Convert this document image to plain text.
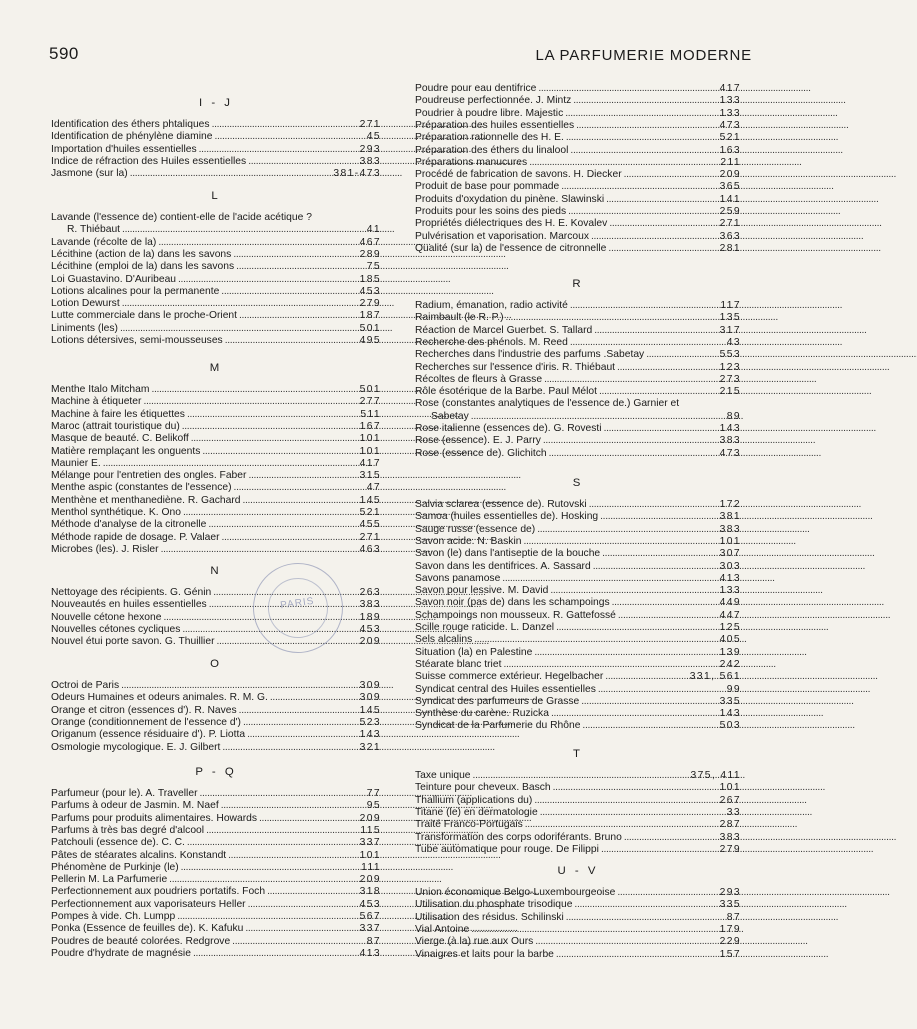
590	LA PARFUMERIE MODERNE
I - J
Identification des éthers phtaliques . . .	271
Identification de phénylène diamine . . .	45
Importation d'huiles essentielles . . .	293
Indice de réfraction des Huiles essentielles . . .	383
Jasmone (sur la) . . .	381-473
L
Lavande (l'essence de) contient-elle de l'acide acétique ?
R. Thiébaut . . .	41
Lavande (récolte de la) . . .	467
Lécithine (action de la) dans les savons . . .	289
Lécithine (emploi de la) dans les savons . . .	75
Loi Guastavino. D'Auribeau . . .	185
Lotions alcalines pour la permanente . . .	453
Lotion Dewurst . . .	279
Lutte commerciale dans le proche-Orient . . .	187
Liniments (les) . . .	501
Lotions détersives, semi-mousseuses . . .	495
M
Menthe Italo Mitcham . . .	501
Machine à étiqueter . . .	277
Machine à faire les étiquettes . . .	511
Maroc (attrait touristique du) . . .	167
Masque de beauté. C. Belikoff . . .	101
Matière remplaçant les onguents . . .	101
Maunier E. . . .	417
Mélange pour l'entretien des ongles. Faber . . .	315
Menthe aspic (constantes de l'essence) . . .	47
Menthène et menthanediène. R. Gachard . . .	145
Menthol synthétique. K. Ono . . .	521
Méthode d'analyse de la citronelle . . .	455
Méthode rapide de dosage. P. Valaer . . .	271
Microbes (les). J. Risler . . .	463
N
Nettoyage des récipients. G. Génin . . .	263
Nouveautés en huiles essentielles . . .	383
Nouvelle cétone hexone . . .	189
Nouvelles cétones cycliques . . .	453
Nouvel étui porte savon. G. Thuillier . . .	209
O
Octroi de Paris . . .	309
Odeurs Humaines et odeurs animales. R. M. G. . . .	309
Orange et citron (essences d'). R. Naves . . .	145
Orange (conditionnement de l'essence d') . . .	523
Origanum (essence résiduaire d'). P. Liotta . . .	143
Osmologie mycologique. E. J. Gilbert . . .	321
P - Q
Parfumeur (pour le). A. Traveller . . .	77
Parfums à odeur de Jasmin. M. Naef . . .	95
Parfums pour produits alimentaires. Howards . . .	209
Parfums à très bas degré d'alcool . . .	115
Patchouli (essence de). C. C. . . .	337
Pâtes de stéarates alcalins. Konstandt . . .	101
Phénomène de Purkinje (le) . . .	111
Pellerin M. La Parfumerie . . .	209
Perfectionnement aux poudriers portatifs. Foch . . .	318
Perfectionnement aux vaporisateurs Heller . . .	453
Pompes à vide. Ch. Lumpp . . .	567
Ponka (Essence de feuilles de). K. Kafuku . . .	337
Poudres de beauté colorées. Redgrove . . .	87
Poudre d'hydrate de magnésie . . .	413
Poudre pour eau dentifrice . . .	417
Poudreuse perfectionnée. J. Mintz . . .	133
Poudrier à poudre libre. Majestic . . .	133
Préparation des huiles essentielles . . .	473
Préparation rationnelle des H. E. . . .	521
Préparation des éthers du linalool . . .	163
Préparations manucures . . .	211
Procédé de fabrication de savons. H. Diecker . . .	209
Produit de base pour pommade . . .	365
Produits d'oxydation du pinène. Slawinski . . .	141
Produits pour les soins des pieds . . .	259
Propriétés diélectriques des H. E. Kovalev . . .	271
Pulvérisation et vaporisation. Marcoux . . .	363
Qualité (sur la) de l'essence de citronnelle . . .	281
R
Radium, émanation, radio activité . . .	117
Raimbault (le R. P.) . . .	135
Réaction de Marcel Guerbet. S. Tallard . . .	317
Recherche des phénols. M. Reed . . .	43
Recherches dans l'industrie des parfums .Sabetay . . .	553
Recherches sur l'essence d'iris. R. Thiébaut . . .	123
Récoltes de fleurs à Grasse . . .	273
Rôle ésotérique de la Barbe. Paul Mélot . . .	215
Rose (constantes analytiques de l'essence de.) Garnier et
Sabetay . . .	89
Rose italienne (essences de). G. Rovesti . . .	143
Rose (essence). E. J. Parry . . .	383
Rose (essence de). Glichitch . . .	473
S
Salvia sclarea (essence de). Rutovski . . .	172
Samoa (huiles essentielles de). Hosking . . .	381
Sauge russe (essence de) . . .	383
Savon acide. N. Baskin . . .	101
Savon (le) dans l'antiseptie de la bouche . . .	307
Savon dans les dentifrices. A. Sassard . . .	303
Savons panamose . . .	413
Savon pour lessive. M. David . . .	133
Savon noir (pas de) dans les schampoings . . .	449
Schampoings non mousseux. R. Gattefossé . . .	447
Scille rouge raticide. L. Danzel . . .	125
Sels alcalins . . .	405
Situation (la) en Palestine . . .	139
Stéarate blanc triet . . .	242
Suisse commerce extérieur. Hegelbacher . . .	331, 561
Syndicat central des Huiles essentielles . . .	99
Syndicat des parfumeurs de Grasse . . .	335
Synthèse du carène. Ruzicka . . .	143
Syndicat de la Parfumerie du Rhône . . .	503
T
Taxe unique . . .	375, 411
Teinture pour cheveux. Basch . . .	101
Thallium (applications du) . . .	267
Titane (le) en dermatologie . . .	33
Traité Franco-Portugais . . .	287
Transformation des corps odoriférants. Bruno . . .	383
Tube automatique pour rouge. De Filippi . . .	279
U - V
Union économique Belgo-Luxembourgeoise . . .	293
Utilisation du phosphate trisodique . . .	335
Utilisation des résidus. Schilinski . . .	87
Vial Antoine . . .	179
Vierge (à la) rue aux Ours . . .	229
Vinaigres et laits pour la barbe . . .	157
PARIS
